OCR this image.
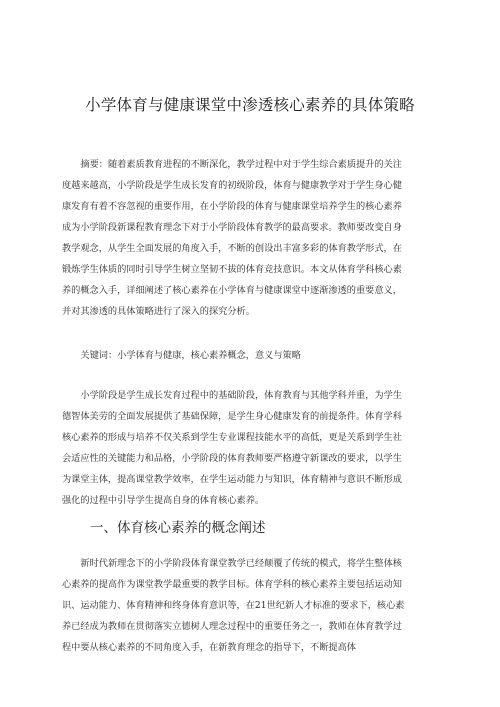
小学体育与健康课堂中渗透核心素养的具体策略
摘要：随着素质教育进程的不断深化，教学过程中对于学生综合素质提升的关注
度越来越高，小学阶段是学生成长发育的初级阶段，体育与健康教学对于学生身心健
康发育有着不容忽视的重要作用，在小学阶段的体育与健康课堂培养学生的核心素养
成为小学阶段新课程教育理念下对于小学阶段体育教学的最高要求。教师要改变自身
教学观念，从学生全面发展的角度入手，不断的创设出丰富多彩的体育教学形式，在
锻炼学生体质的同时引导学生树立坚韧不拔的体育竞技意识。本文从体育学科核心素
养的概念入手，详细阐述了核心素养在小学体育与健康课堂中逐渐渗透的重要意义，
并对其渗透的具体策略进行了深入的探究分析。
关键词：小学体育与健康，核心素养概念，意义与策略
小学阶段是学生成长发育过程中的基础阶段，体育教育与其他学科并重，为学生
德智体美劳的全面发展提供了基础保障，是学生身心健康发育的前提条件。体育学科
核心素养的形成与培养不仅关系到学生专业课程技能水平的高低，更是关系到学生社
会适应性的关键能力和品格，小学阶段的体育教师要严格遵守新课改的要求，以学生
为课堂主体，提高课堂教学效率，在学生运动能力与知识，体育精神与意识不断形成
强化的过程中引导学生提高自身的体育核心素养。
一、体育核心素养的概念阐述
新时代新理念下的小学阶段体育课堂教学已经颠覆了传统的模式，将学生整体核
心素养的提高作为课堂教学最重要的教学目标。体育学科的核心素养主要包括运动知
识、运动能力、体育精神和终身体育意识等，在21世纪新人才标准的要求下，核心素
养已经成为教师在贯彻落实立德树人理念过程中的重要任务之一，教师在体育教学过
程中要从核心素养的不同角度入手，在新教育理念的指导下，不断提高体
